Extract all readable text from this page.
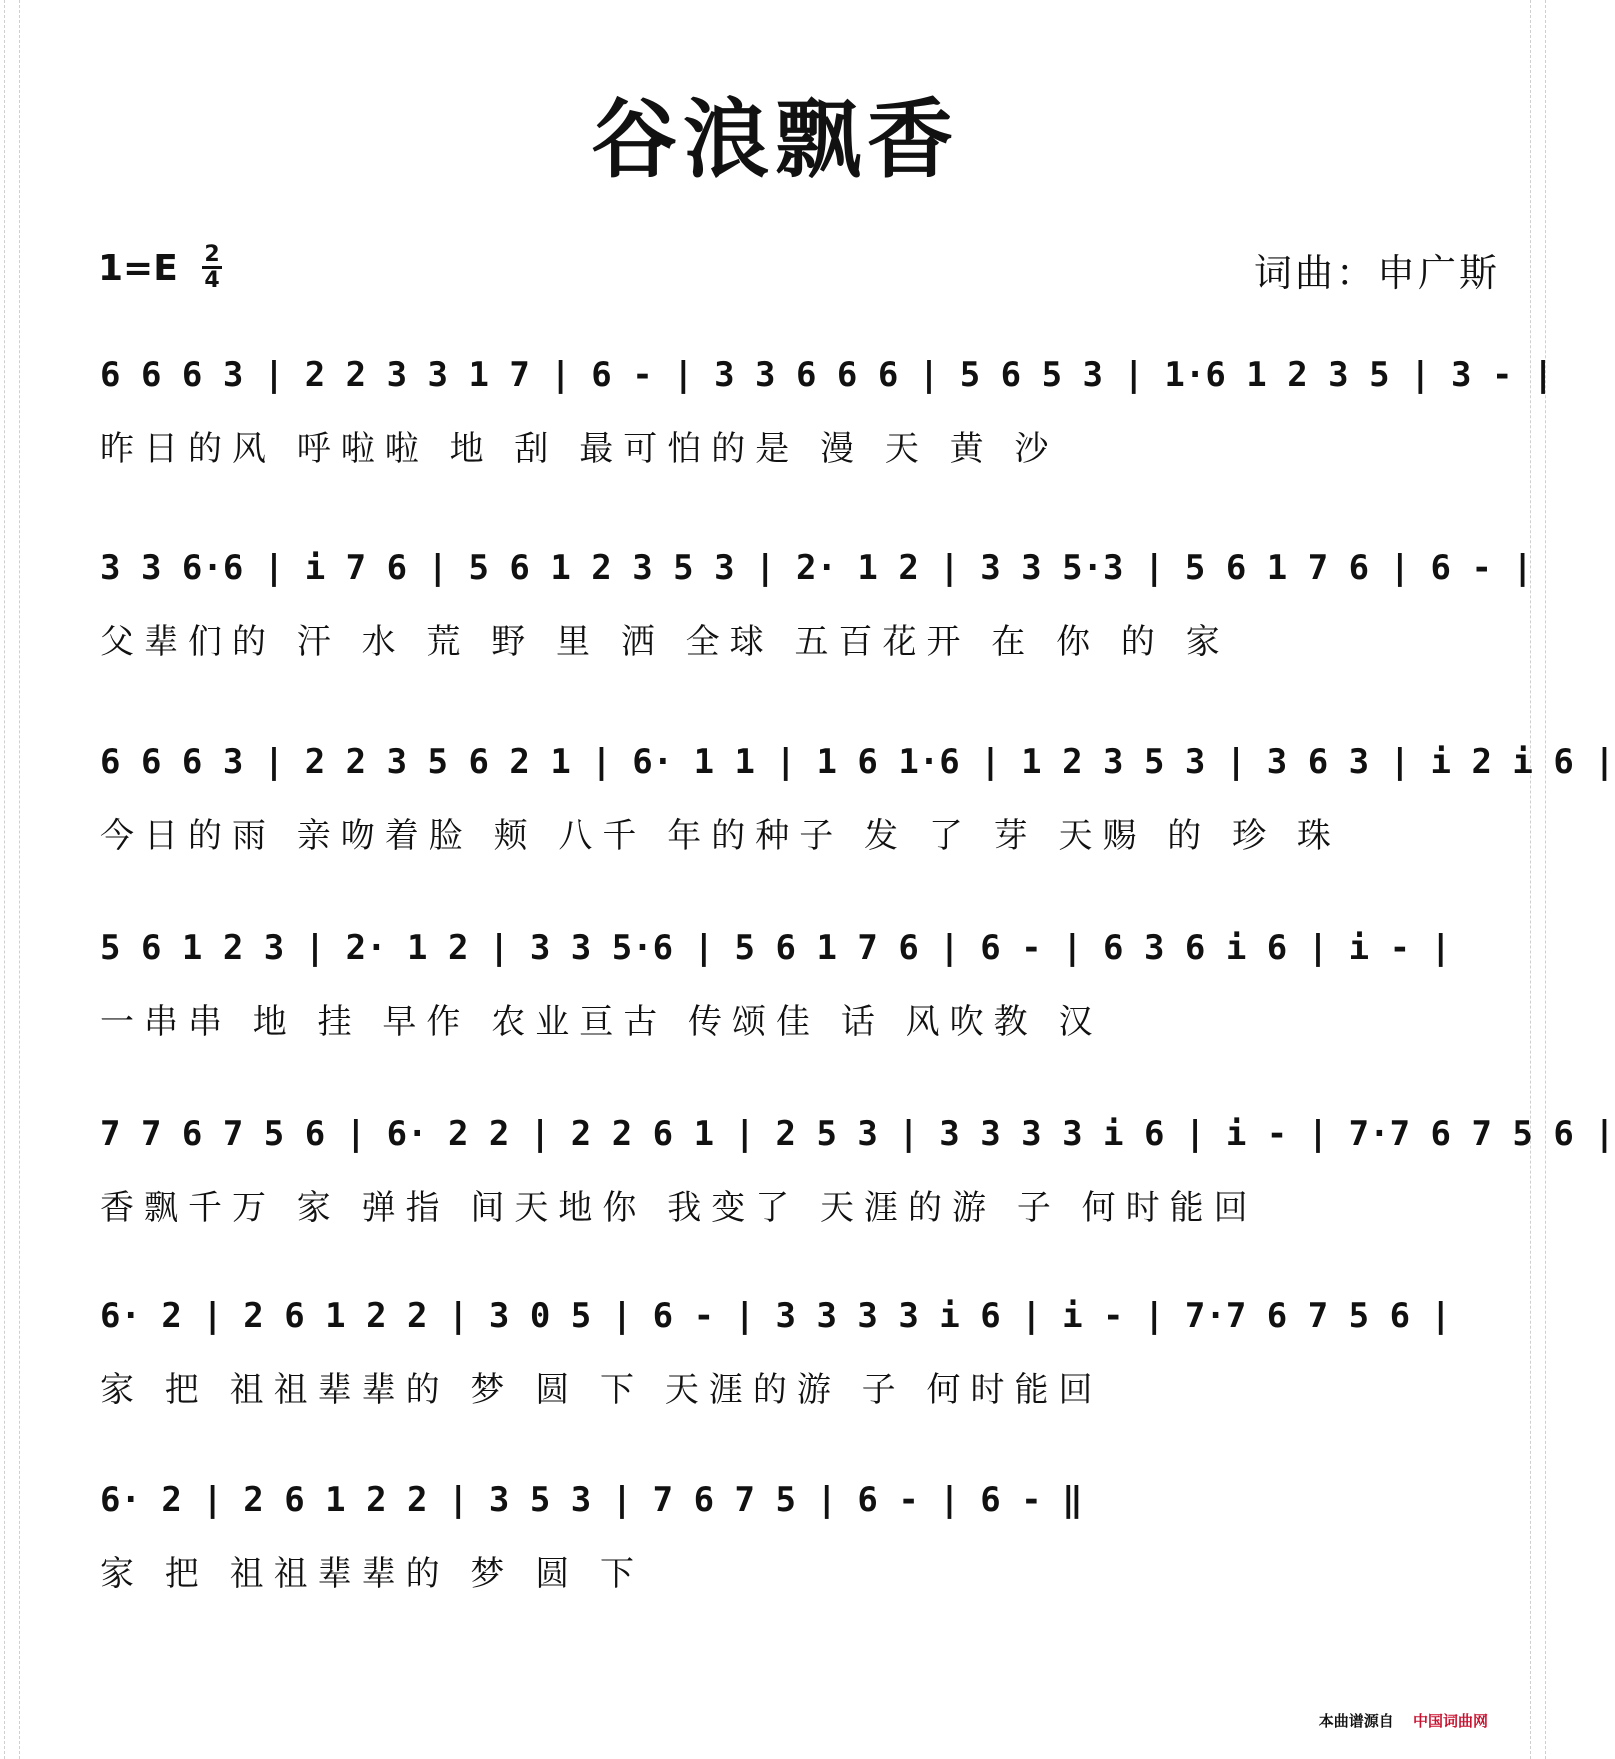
谷浪飘香
1=E 2
4	词曲：申广斯
6 6 6 3 | 2 2 3 3 1 7 | 6 - | 3 3 6 6 6 | 5 6 5 3 | 1·6 1 2 3 5 | 3 - |
昨日的风 呼啦啦 地 刮 最可怕的是 漫 天 黄 沙
3 3 6·6 | i 7 6 | 5 6 1 2 3 5 3 | 2· 1 2 | 3 3 5·3 | 5 6 1 7 6 | 6 - |
父辈们的 汗 水 荒 野 里 洒 全球 五百花开 在 你 的 家
6 6 6 3 | 2 2 3 5 6 2 1 | 6· 1 1 | 1 6 1·6 | 1 2 3 5 3 | 3 6 3 | i 2 i 6 |
今日的雨 亲吻着脸 颊 八千 年的种子 发 了 芽 天赐 的 珍 珠
5 6 1 2 3 | 2· 1 2 | 3 3 5·6 | 5 6 1 7 6 | 6 - | 6 3 6 i 6 | i - |
一串串 地 挂 早作 农业亘古 传颂佳 话 风吹教 汉
7 7 6 7 5 6 | 6· 2 2 | 2 2 6 1 | 2 5 3 | 3 3 3 3 i 6 | i - | 7·7 6 7 5 6 |
香飘千万 家 弹指 间天地你 我变了 天涯的游 子 何时能回
6· 2 | 2 6 1 2 2 | 3 0 5 | 6 - | 3 3 3 3 i 6 | i - | 7·7 6 7 5 6 |
家 把 祖祖辈辈的 梦 圆 下 天涯的游 子 何时能回
6· 2 | 2 6 1 2 2 | 3 5 3 | 7 6 7 5 | 6 - | 6 - ‖
家 把 祖祖辈辈的 梦 圆 下
本曲谱源自 中国词曲网
